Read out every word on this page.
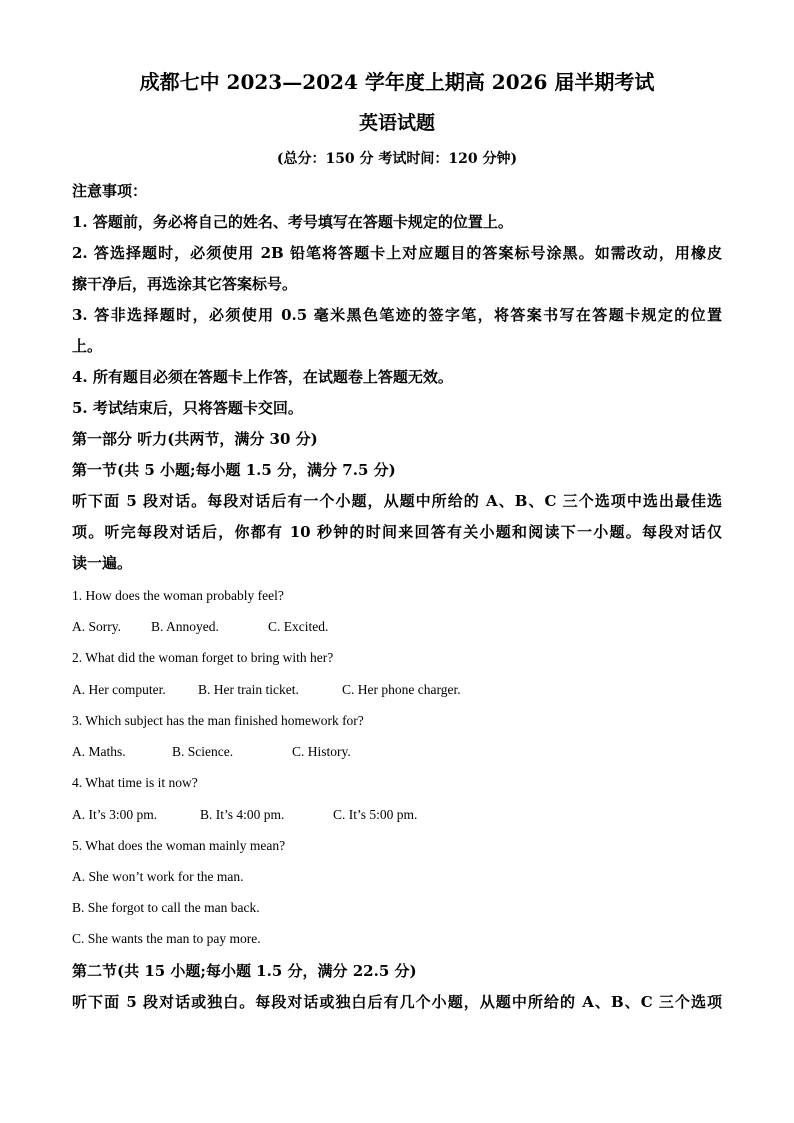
成都七中 2023—2024 学年度上期高 2026 届半期考试
英语试题
(总分：150 分 考试时间：120 分钟)
注意事项：
1. 答题前，务必将自己的姓名、考号填写在答题卡规定的位置上。
2. 答选择题时，必须使用 2B 铅笔将答题卡上对应题目的答案标号涂黑。如需改动，用橡皮
擦干净后，再选涂其它答案标号。
3. 答非选择题时，必须使用 0.5 毫米黑色笔迹的签字笔，将答案书写在答题卡规定的位置
上。
4. 所有题目必须在答题卡上作答，在试题卷上答题无效。
5. 考试结束后，只将答题卡交回。
第一部分 听力(共两节，满分 30 分)
第一节(共 5 小题;每小题 1.5 分，满分 7.5 分)
听下面 5 段对话。每段对话后有一个小题，从题中所给的 A、B、C 三个选项中选出最佳选
项。听完每段对话后，你都有 10 秒钟的时间来回答有关小题和阅读下一小题。每段对话仅
读一遍。
1. How does the woman probably feel?
A. Sorry. B. Annoyed.	C. Excited.
2. What did the woman forget to bring with her?
A. Her computer. B. Her train ticket.	C. Her phone charger.
3. Which subject has the man finished homework for?
A. Maths.	B. Science.	C. History.
4. What time is it now?
A. It’s 3:00 pm.	B. It’s 4:00 pm.	C. It’s 5:00 pm.
5. What does the woman mainly mean?
A. She won’t work for the man.
B. She forgot to call the man back.
C. She wants the man to pay more.
第二节(共 15 小题;每小题 1.5 分，满分 22.5 分)
听下面 5 段对话或独白。每段对话或独白后有几个小题，从题中所给的 A、B、C 三个选项
